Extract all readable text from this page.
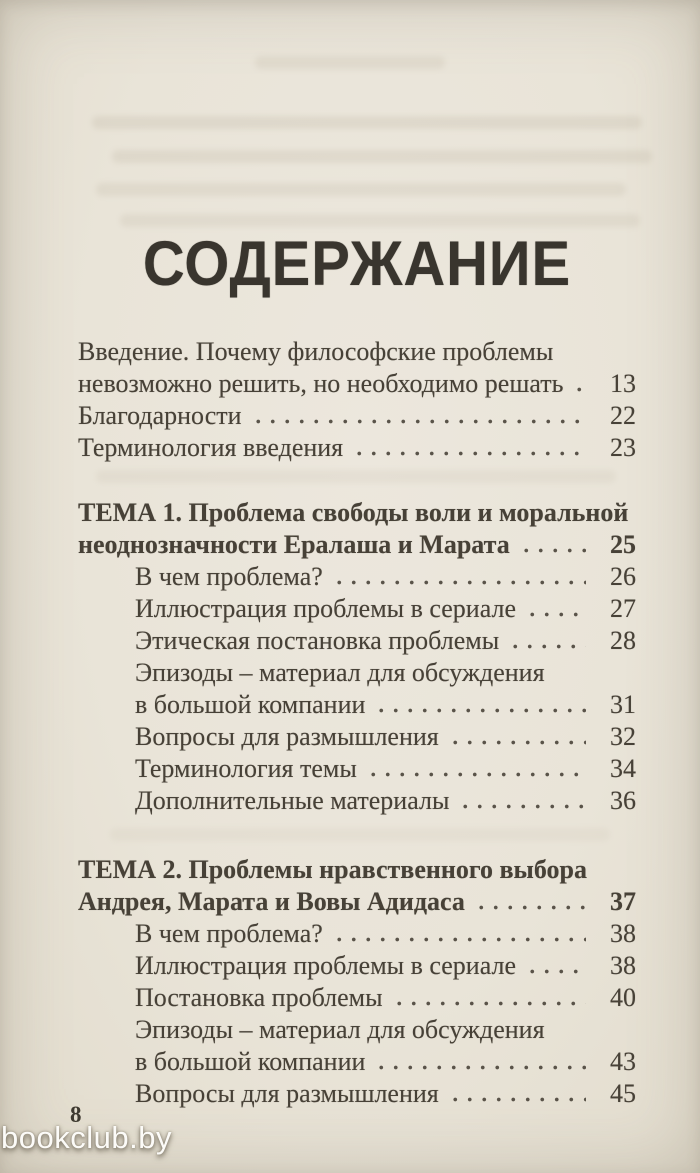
СОДЕРЖАНИЕ
Введение. Почему философские проблемы
невозможно решить, но необходимо решать	13
Благодарности	22
Терминология введения	23
ТЕМА 1. Проблема свободы воли и моральной
неоднозначности Ералаша и Марата	25
В чем проблема?	26
Иллюстрация проблемы в сериале	27
Этическая постановка проблемы	28
Эпизоды – материал для обсуждения
в большой компании	31
Вопросы для размышления	32
Терминология темы	34
Дополнительные материалы	36
ТЕМА 2. Проблемы нравственного выбора
Андрея, Марата и Вовы Адидаса	37
В чем проблема?	38
Иллюстрация проблемы в сериале	38
Постановка проблемы	40
Эпизоды – материал для обсуждения
в большой компании	43
Вопросы для размышления	45
8
bookclub.by
